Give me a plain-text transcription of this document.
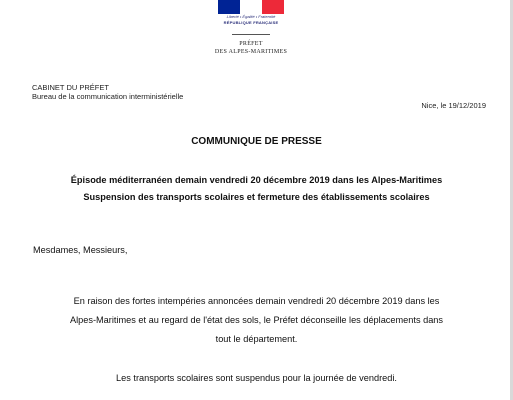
Liberté • Égalité • Fraternité
RÉPUBLIQUE FRANÇAISE
PRÉFET
DES ALPES-MARITIMES
CABINET DU PRÉFET
Bureau de la communication interministérielle
Nice, le 19/12/2019
COMMUNIQUE DE PRESSE
Épisode méditerranéen demain vendredi 20 décembre 2019 dans les Alpes-Maritimes
Suspension des transports scolaires et fermeture des établissements scolaires
Mesdames, Messieurs,
En raison des fortes intempéries annoncées demain vendredi 20 décembre 2019 dans les
Alpes-Maritimes et au regard de l'état des sols, le Préfet déconseille les déplacements dans
tout le département.
Les transports scolaires sont suspendus pour la journée de vendredi.
